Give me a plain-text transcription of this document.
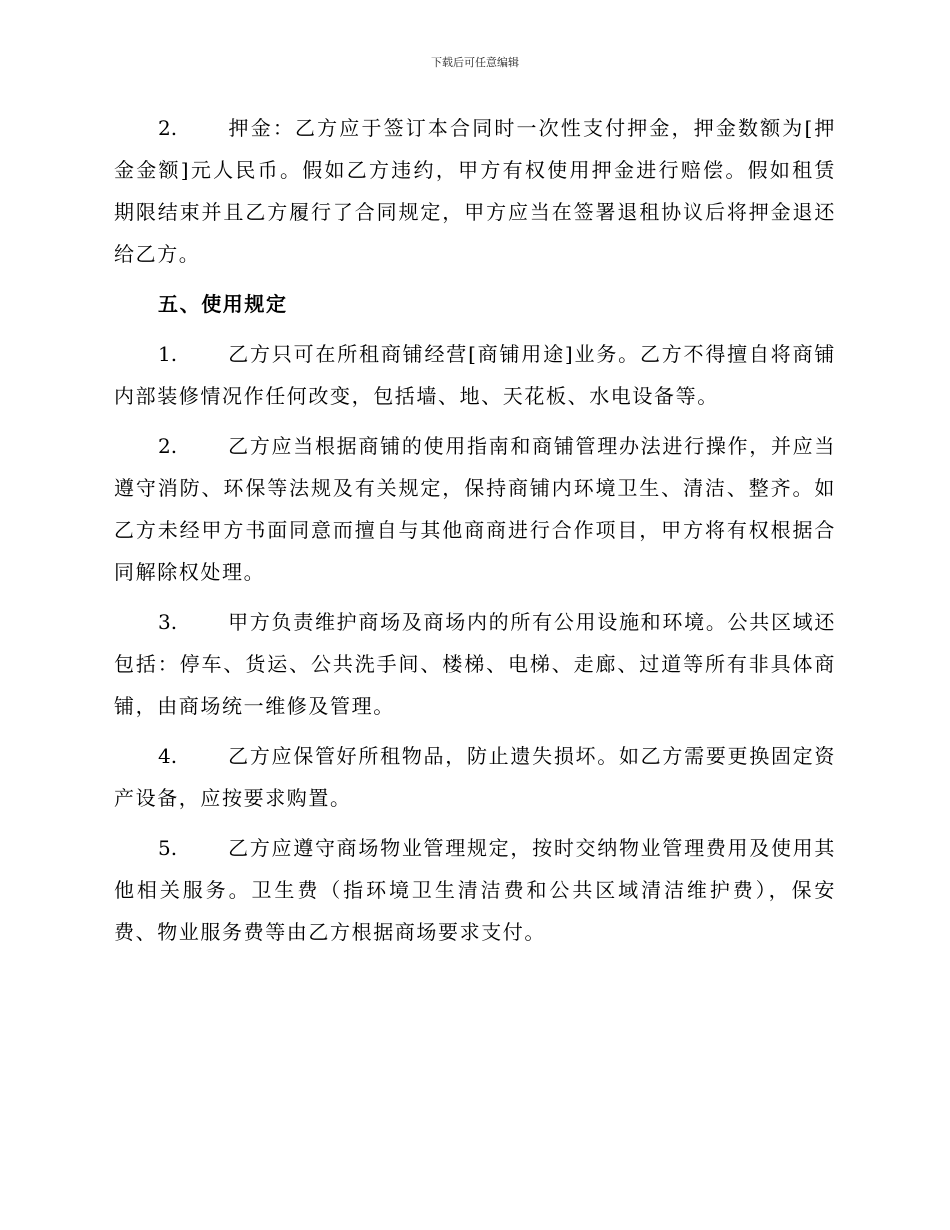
下载后可任意编辑

2.	押金：乙方应于签订本合同时一次性支付押金，押金数额为[押金金额]元人民币。假如乙方违约，甲方有权使用押金进行赔偿。假如租赁期限结束并且乙方履行了合同规定，甲方应当在签署退租协议后将押金退还给乙方。

五、使用规定

1.	乙方只可在所租商铺经营[商铺用途]业务。乙方不得擅自将商铺内部装修情况作任何改变，包括墙、地、天花板、水电设备等。

2.	乙方应当根据商铺的使用指南和商铺管理办法进行操作，并应当遵守消防、环保等法规及有关规定，保持商铺内环境卫生、清洁、整齐。如乙方未经甲方书面同意而擅自与其他商商进行合作项目，甲方将有权根据合同解除权处理。

3.	甲方负责维护商场及商场内的所有公用设施和环境。公共区域还包括：停车、货运、公共洗手间、楼梯、电梯、走廊、过道等所有非具体商铺，由商场统一维修及管理。

4.	乙方应保管好所租物品，防止遗失损坏。如乙方需要更换固定资产设备，应按要求购置。

5.	乙方应遵守商场物业管理规定，按时交纳物业管理费用及使用其他相关服务。卫生费（指环境卫生清洁费和公共区域清洁维护费），保安费、物业服务费等由乙方根据商场要求支付。
